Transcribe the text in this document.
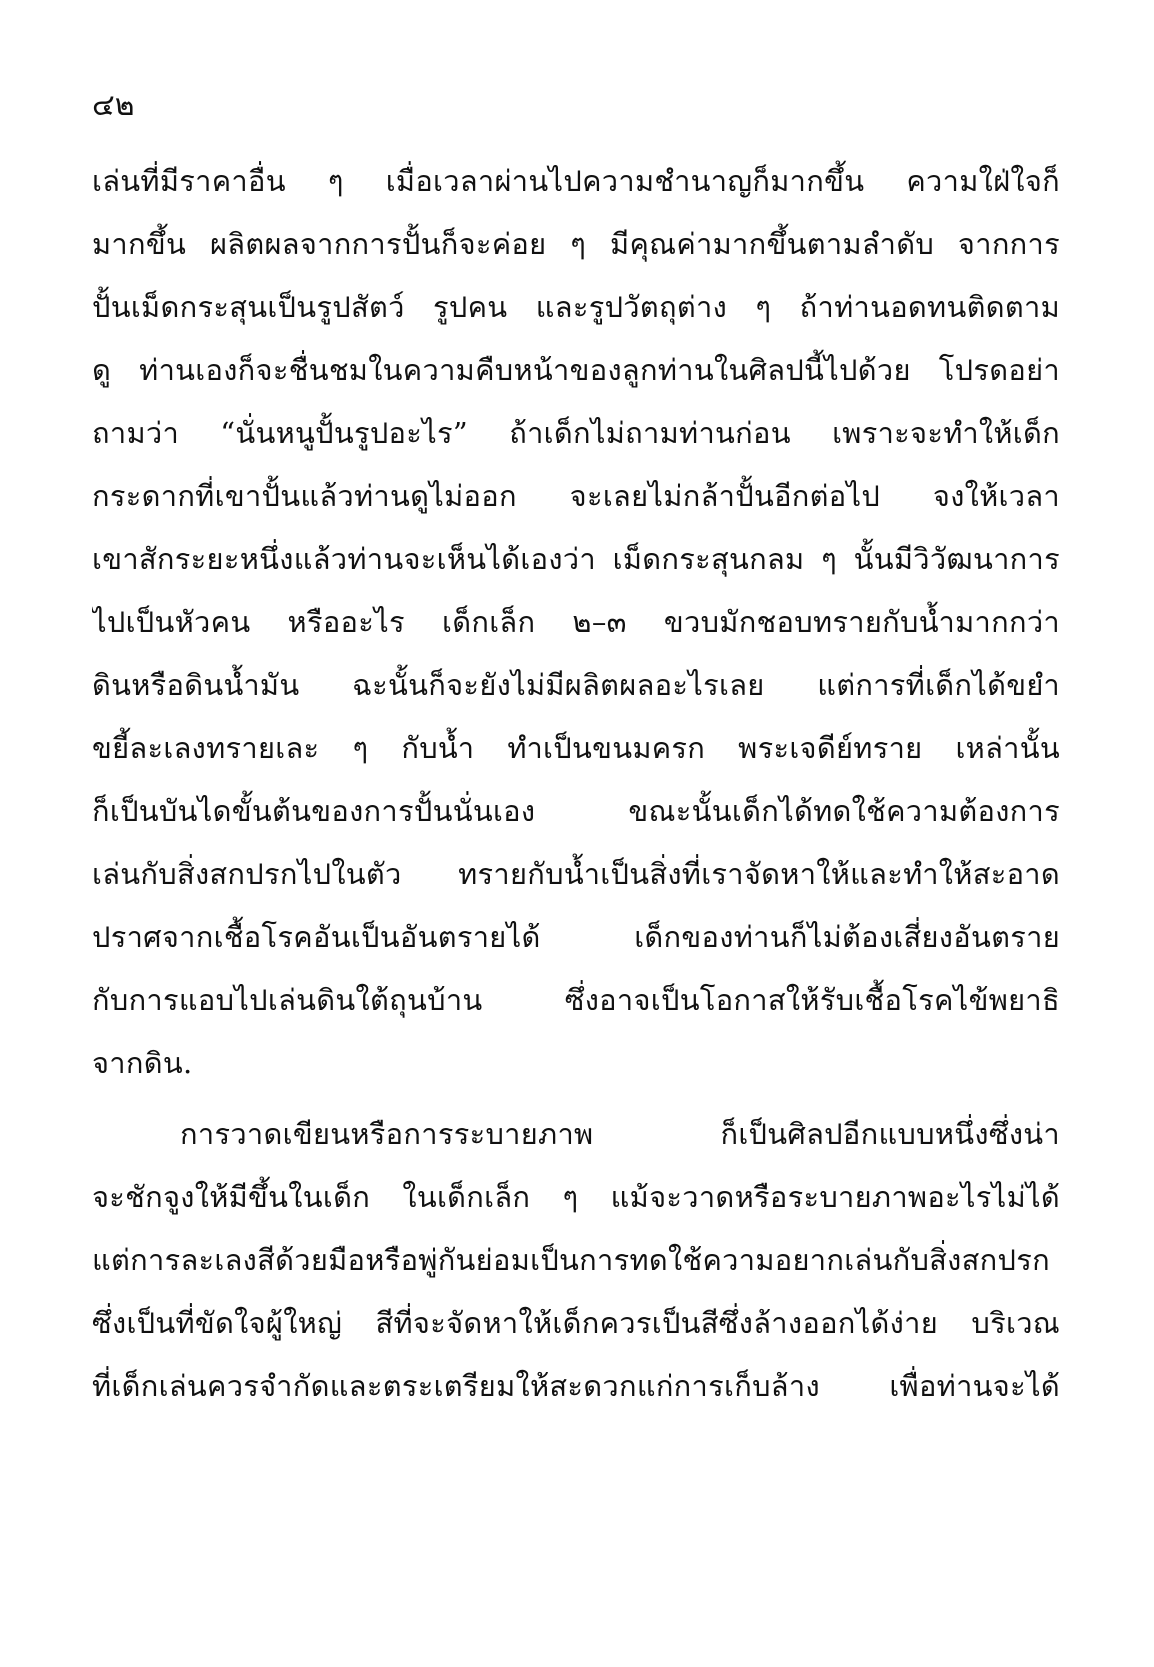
๔๒
เล่นที่มีราคาอื่น ๆ เมื่อเวลาผ่านไปความชำนาญก็มากขึ้น ความใฝ่ใจก็
มากขึ้น ผลิตผลจากการปั้นก็จะค่อย ๆ มีคุณค่ามากขึ้นตามลำดับ จากการ
ปั้นเม็ดกระสุนเป็นรูปสัตว์ รูปคน และรูปวัตถุต่าง ๆ ถ้าท่านอดทนติดตาม
ดู ท่านเองก็จะชื่นชมในความคืบหน้าของลูกท่านในศิลปนี้ไปด้วย โปรดอย่า
ถามว่า “นั่นหนูปั้นรูปอะไร” ถ้าเด็กไม่ถามท่านก่อน เพราะจะทำให้เด็ก
กระดากที่เขาปั้นแล้วท่านดูไม่ออก จะเลยไม่กล้าปั้นอีกต่อไป จงให้เวลา
เขาสักระยะหนึ่งแล้วท่านจะเห็นได้เองว่า เม็ดกระสุนกลม ๆ นั้นมีวิวัฒนาการ
ไปเป็นหัวคน หรืออะไร เด็กเล็ก ๒–๓ ขวบมักชอบทรายกับน้ำมากกว่า
ดินหรือดินน้ำมัน ฉะนั้นก็จะยังไม่มีผลิตผลอะไรเลย แต่การที่เด็กได้ขยำ
ขยี้ละเลงทรายเละ ๆ กับน้ำ ทำเป็นขนมครก พระเจดีย์ทราย เหล่านั้น
ก็เป็นบันไดขั้นต้นของการปั้นนั่นเอง ขณะนั้นเด็กได้ทดใช้ความต้องการ
เล่นกับสิ่งสกปรกไปในตัว ทรายกับน้ำเป็นสิ่งที่เราจัดหาให้และทำให้สะอาด
ปราศจากเชื้อโรคอันเป็นอันตรายได้ เด็กของท่านก็ไม่ต้องเสี่ยงอันตราย
กับการแอบไปเล่นดินใต้ถุนบ้าน ซึ่งอาจเป็นโอกาสให้รับเชื้อโรคไข้พยาธิ
จากดิน.
การวาดเขียนหรือการระบายภาพ ก็เป็นศิลปอีกแบบหนึ่งซึ่งน่า
จะชักจูงให้มีขึ้นในเด็ก ในเด็กเล็ก ๆ แม้จะวาดหรือระบายภาพอะไรไม่ได้
แต่การละเลงสีด้วยมือหรือพู่กันย่อมเป็นการทดใช้ความอยากเล่นกับสิ่งสกปรก
ซึ่งเป็นที่ขัดใจผู้ใหญ่ สีที่จะจัดหาให้เด็กควรเป็นสีซึ่งล้างออกได้ง่าย บริเวณ
ที่เด็กเล่นควรจำกัดและตระเตรียมให้สะดวกแก่การเก็บล้าง เพื่อท่านจะได้
